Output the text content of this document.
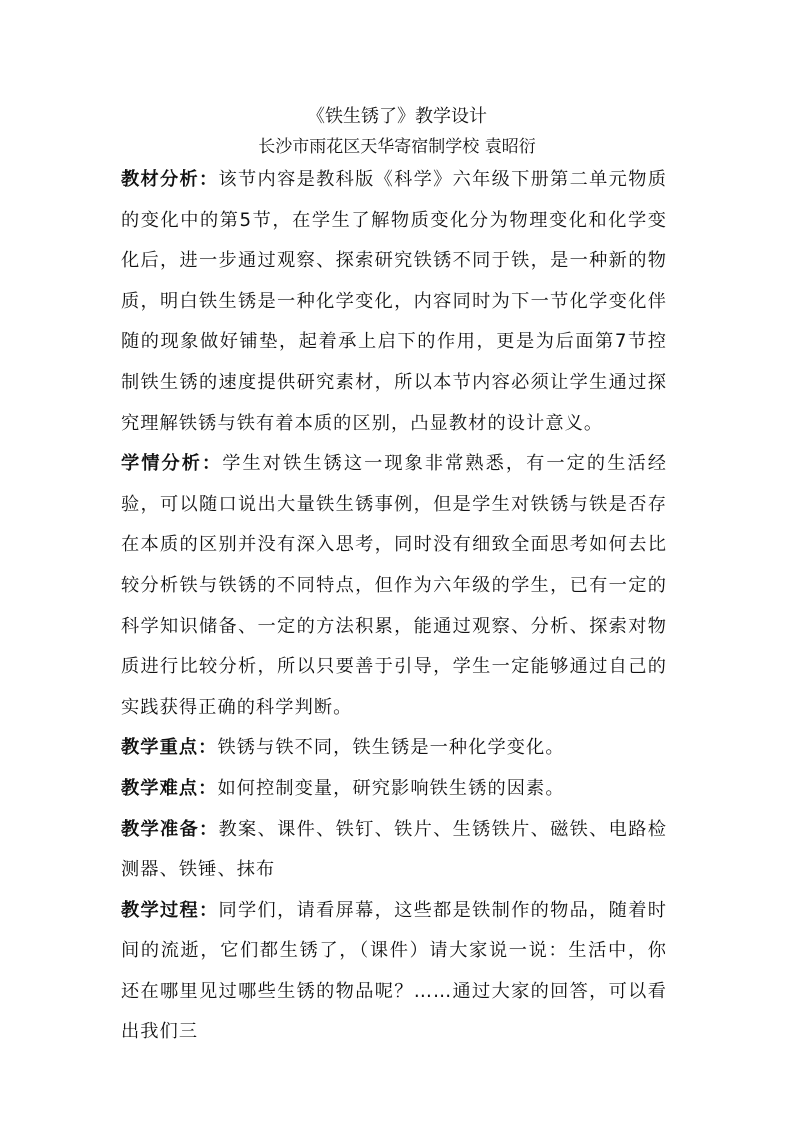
《铁生锈了》教学设计
长沙市雨花区天华寄宿制学校 袁昭衍

教材分析：该节内容是教科版《科学》六年级下册第二单元物质的变化中的第5节，在学生了解物质变化分为物理变化和化学变化后，进一步通过观察、探索研究铁锈不同于铁，是一种新的物质，明白铁生锈是一种化学变化，内容同时为下一节化学变化伴随的现象做好铺垫，起着承上启下的作用，更是为后面第7节控制铁生锈的速度提供研究素材，所以本节内容必须让学生通过探究理解铁锈与铁有着本质的区别，凸显教材的设计意义。

学情分析：学生对铁生锈这一现象非常熟悉，有一定的生活经验，可以随口说出大量铁生锈事例，但是学生对铁锈与铁是否存在本质的区别并没有深入思考，同时没有细致全面思考如何去比较分析铁与铁锈的不同特点，但作为六年级的学生，已有一定的科学知识储备、一定的方法积累，能通过观察、分析、探索对物质进行比较分析，所以只要善于引导，学生一定能够通过自己的实践获得正确的科学判断。

教学重点：铁锈与铁不同，铁生锈是一种化学变化。

教学难点：如何控制变量，研究影响铁生锈的因素。

教学准备：教案、课件、铁钉、铁片、生锈铁片、磁铁、电路检测器、铁锤、抹布

教学过程：同学们，请看屏幕，这些都是铁制作的物品，随着时间的流逝，它们都生锈了，（课件）请大家说一说：生活中，你还在哪里见过哪些生锈的物品呢？……通过大家的回答，可以看出我们三
